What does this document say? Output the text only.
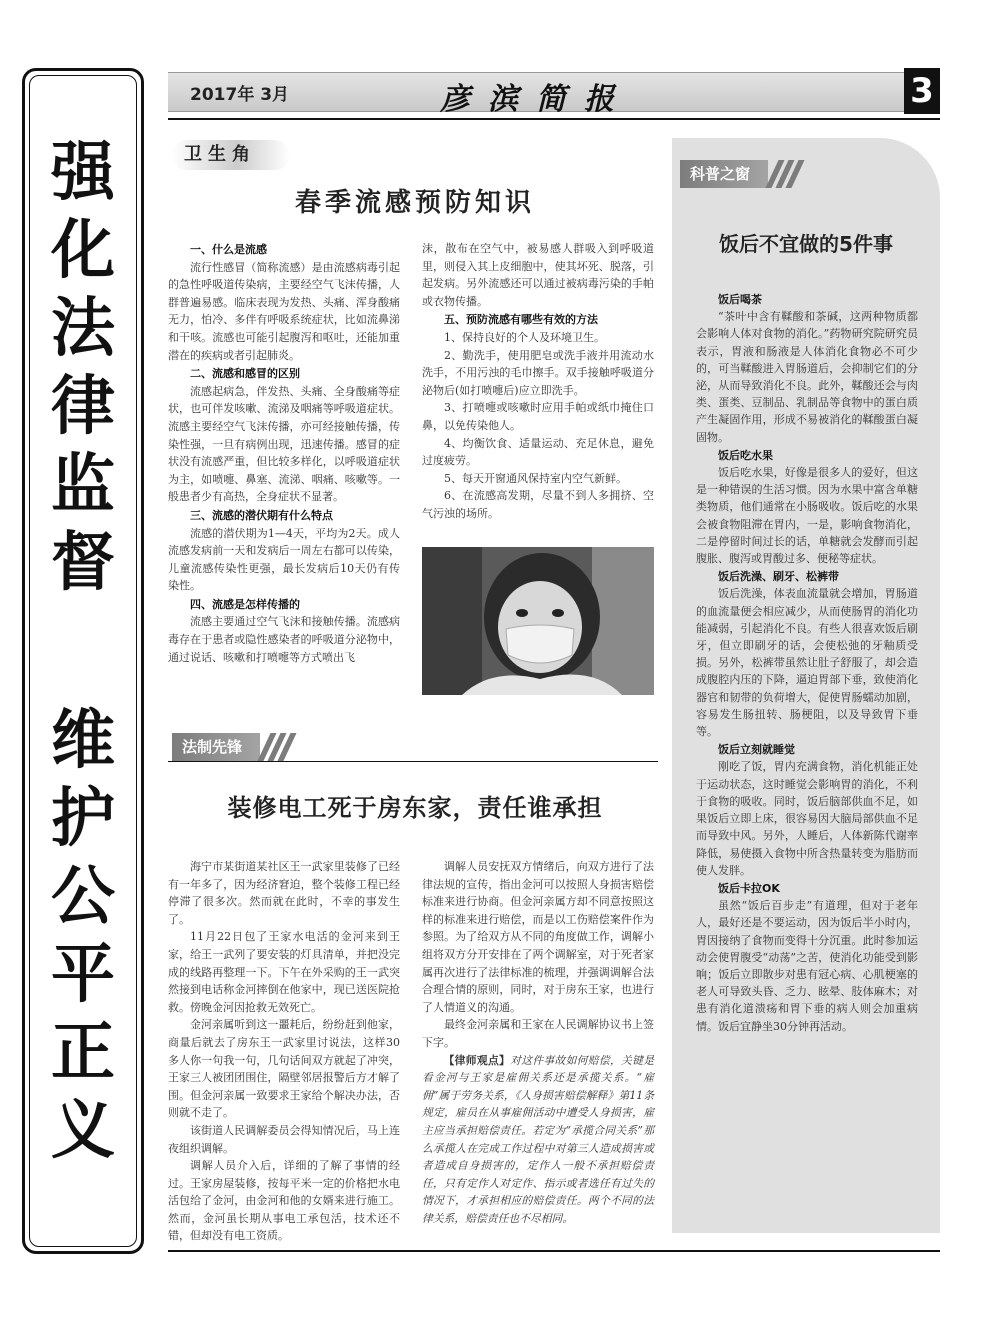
强
化
法
律
监
督
维
护
公
平
正
义
2017年 3月	彦滨简报	3
卫生角
春季流感预防知识
一、什么是流感

流行性感冒（简称流感）是由流感病毒引起的急性呼吸道传染病，主要经空气飞沫传播，人群普遍易感。临床表现为发热、头痛、浑身酸痛无力，怕冷、多伴有呼吸系统症状，比如流鼻涕和干咳。流感也可能引起腹泻和呕吐，还能加重潜在的疾病或者引起肺炎。

二、流感和感冒的区别

流感起病急，伴发热、头痛、全身酸痛等症状，也可伴发咳嗽、流涕及咽痛等呼吸道症状。流感主要经空气飞沫传播，亦可经接触传播，传染性强，一旦有病例出现，迅速传播。感冒的症状没有流感严重，但比较多样化，以呼吸道症状为主，如喷嚏、鼻塞、流涕、咽痛、咳嗽等。一般患者少有高热，全身症状不显著。

三、流感的潜伏期有什么特点

流感的潜伏期为1—4天，平均为2天。成人流感发病前一天和发病后一周左右都可以传染，儿童流感传染性更强，最长发病后10天仍有传染性。

四、流感是怎样传播的

流感主要通过空气飞沫和接触传播。流感病毒存在于患者或隐性感染者的呼吸道分泌物中，通过说话、咳嗽和打喷嚏等方式喷出飞

沫，散布在空气中，被易感人群吸入到呼吸道里，则侵入其上皮细胞中，使其坏死、脱落，引起发病。另外流感还可以通过被病毒污染的手帕或衣物传播。

五、预防流感有哪些有效的方法

1、保持良好的个人及环境卫生。

2、勤洗手，使用肥皂或洗手液并用流动水洗手，不用污浊的毛巾擦手。双手接触呼吸道分泌物后(如打喷嚏后)应立即洗手。

3、打喷嚏或咳嗽时应用手帕或纸巾掩住口鼻，以免传染他人。

4、均衡饮食、适量运动、充足休息，避免过度疲劳。

5、每天开窗通风保持室内空气新鲜。

6、在流感高发期，尽量不到人多拥挤、空气污浊的场所。

法制先锋
装修电工死于房东家，责任谁承担

海宁市某街道某社区王一武家里装修了已经有一年多了，因为经济窘迫，整个装修工程已经停滞了很多次。然而就在此时，不幸的事发生了。

11月22日包了王家水电活的金河来到王家，给王一武列了要安装的灯具清单，并把没完成的线路再整理一下。下午在外采购的王一武突然接到电话称金河摔倒在他家中，现已送医院抢救。傍晚金河因抢救无效死亡。

金河亲属听到这一噩耗后，纷纷赶到他家，商量后就去了房东王一武家里讨说法，这样30多人你一句我一句，几句话间双方就起了冲突，王家三人被团团围住，隔壁邻居报警后方才解了围。但金河亲属一致要求王家给个解决办法，否则就不走了。

该街道人民调解委员会得知情况后，马上连夜组织调解。

调解人员介入后，详细的了解了事情的经过。王家房屋装修，按每平米一定的价格把水电活包给了金河，由金河和他的女婿来进行施工。然而，金河虽长期从事电工承包活，技术还不错，但却没有电工资质。

调解人员安抚双方情绪后，向双方进行了法律法规的宣传，指出金河可以按照人身损害赔偿标准来进行协商。但金河亲属方却不同意按照这样的标准来进行赔偿，而是以工伤赔偿案件作为参照。为了给双方从不同的角度做工作，调解小组将双方分开安排在了两个调解室，对于死者家属再次进行了法律标准的梳理，并强调调解合法合理合情的原则，同时，对于房东王家，也进行了人情道义的沟通。

最终金河亲属和王家在人民调解协议书上签下字。

【律师观点】对这件事故如何赔偿，关键是看金河与王家是雇佣关系还是承揽关系。“雇佣”属于劳务关系，《人身损害赔偿解释》第11条规定，雇员在从事雇佣活动中遭受人身损害，雇主应当承担赔偿责任。若定为“承揽合同关系”那么承揽人在完成工作过程中对第三人造成损害或者造成自身损害的，定作人一般不承担赔偿责任，只有定作人对定作、指示或者选任有过失的情况下，才承担相应的赔偿责任。两个不同的法律关系，赔偿责任也不尽相同。

科普之窗
饭后不宜做的5件事
饭后喝茶

“茶叶中含有鞣酸和茶碱，这两种物质都会影响人体对食物的消化。”药物研究院研究员表示，胃液和肠液是人体消化食物必不可少的，可当鞣酸进入胃肠道后，会抑制它们的分泌，从而导致消化不良。此外，鞣酸还会与肉类、蛋类、豆制品、乳制品等食物中的蛋白质产生凝固作用，形成不易被消化的鞣酸蛋白凝固物。

饭后吃水果

饭后吃水果，好像是很多人的爱好，但这是一种错误的生活习惯。因为水果中富含单糖类物质，他们通常在小肠吸收。饭后吃的水果会被食物阻滞在胃内，一是，影响食物消化，二是停留时间过长的话，单糖就会发酵而引起腹胀、腹泻或胃酸过多、便秘等症状。

饭后洗澡、刷牙、松裤带

饭后洗澡，体表血流量就会增加，胃肠道的血流量便会相应减少，从而使肠胃的消化功能减弱，引起消化不良。有些人很喜欢饭后刷牙，但立即刷牙的话，会使松弛的牙釉质受损。另外，松裤带虽然让肚子舒服了，却会造成腹腔内压的下降，逼迫胃部下垂，致使消化器官和韧带的负荷增大，促使胃肠蠕动加剧，容易发生肠扭转、肠梗阻，以及导致胃下垂等。

饭后立刻就睡觉

刚吃了饭，胃内充满食物，消化机能正处于运动状态，这时睡觉会影响胃的消化，不利于食物的吸收。同时，饭后脑部供血不足，如果饭后立即上床，很容易因大脑局部供血不足而导致中风。另外，人睡后，人体新陈代谢率降低，易使摄入食物中所含热量转变为脂肪而使人发胖。

饭后卡拉OK

虽然“饭后百步走”有道理，但对于老年人，最好还是不要运动，因为饭后半小时内，胃因接纳了食物而变得十分沉重。此时参加运动会使胃腹受“动荡”之苦，使消化功能受到影响；饭后立即散步对患有冠心病、心肌梗塞的老人可导致头昏、乏力、眩晕、肢体麻木；对患有消化道溃疡和胃下垂的病人则会加重病情。饭后宜静坐30分钟再活动。
